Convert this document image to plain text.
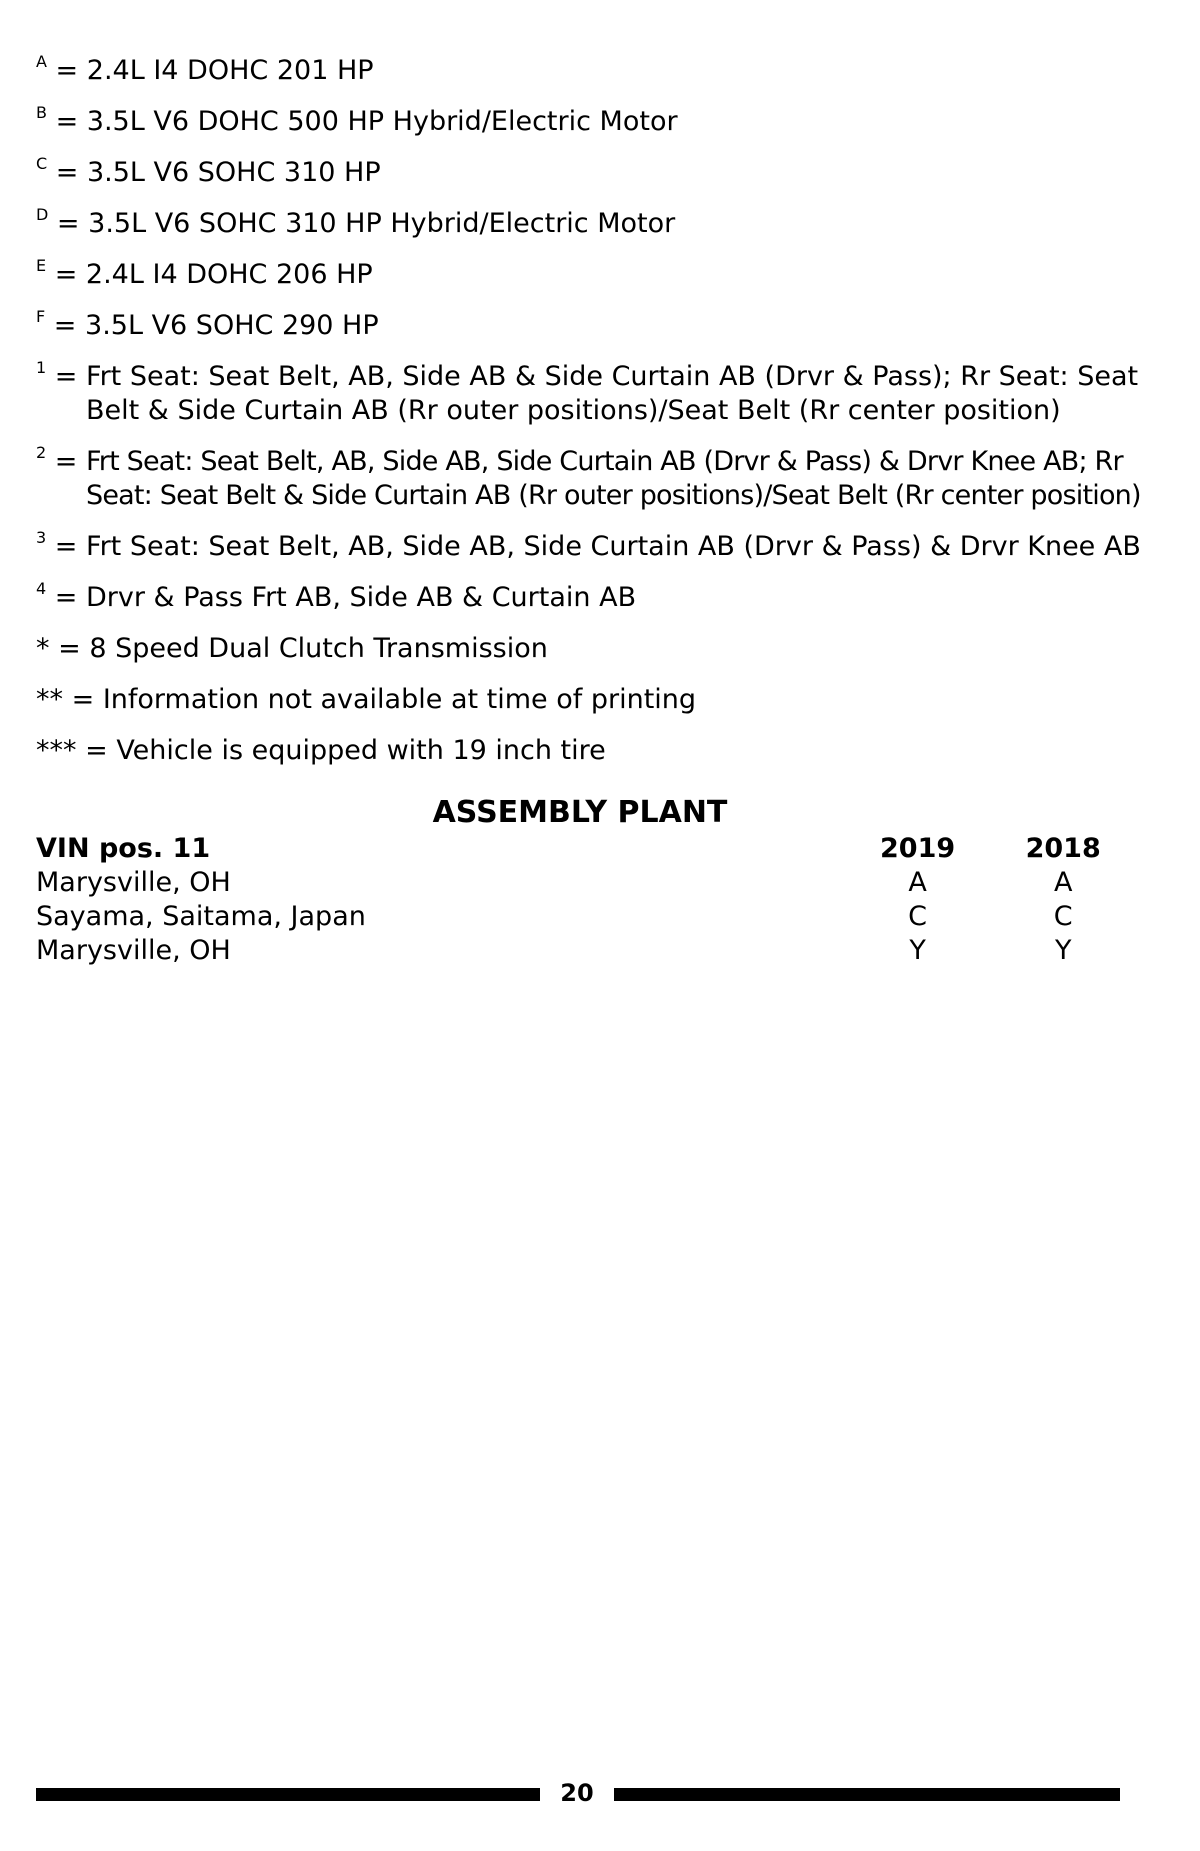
$^A$ = 2.4L I4 DOHC 201 HP
$^B$ = 3.5L V6 DOHC 500 HP Hybrid/Electric Motor
$^C$ = 3.5L V6 SOHC 310 HP
$^D$ = 3.5L V6 SOHC 310 HP Hybrid/Electric Motor
$^E$ = 2.4L I4 DOHC 206 HP
$^F$ = 3.5L V6 SOHC 290 HP
$^1$ = Frt Seat: Seat Belt, AB, Side AB & Side Curtain AB (Drvr & Pass); Rr Seat: Seat Belt & Side Curtain AB (Rr outer positions)/Seat Belt (Rr center position)
$^2$ = Frt Seat: Seat Belt, AB, Side AB, Side Curtain AB (Drvr & Pass) & Drvr Knee AB; Rr Seat: Seat Belt & Side Curtain AB (Rr outer positions)/Seat Belt (Rr center position)
$^3$ = Frt Seat: Seat Belt, AB, Side AB, Side Curtain AB (Drvr & Pass) & Drvr Knee AB
$^4$ = Drvr & Pass Frt AB, Side AB & Curtain AB
* = 8 Speed Dual Clutch Transmission
** = Information not available at time of printing
*** = Vehicle is equipped with 19 inch tire
ASSEMBLY PLANT
VIN pos. 11	2019	2018
Marysville, OH	A	A
Sayama, Saitama, Japan	C	C
Marysville, OH	Y	Y
20
